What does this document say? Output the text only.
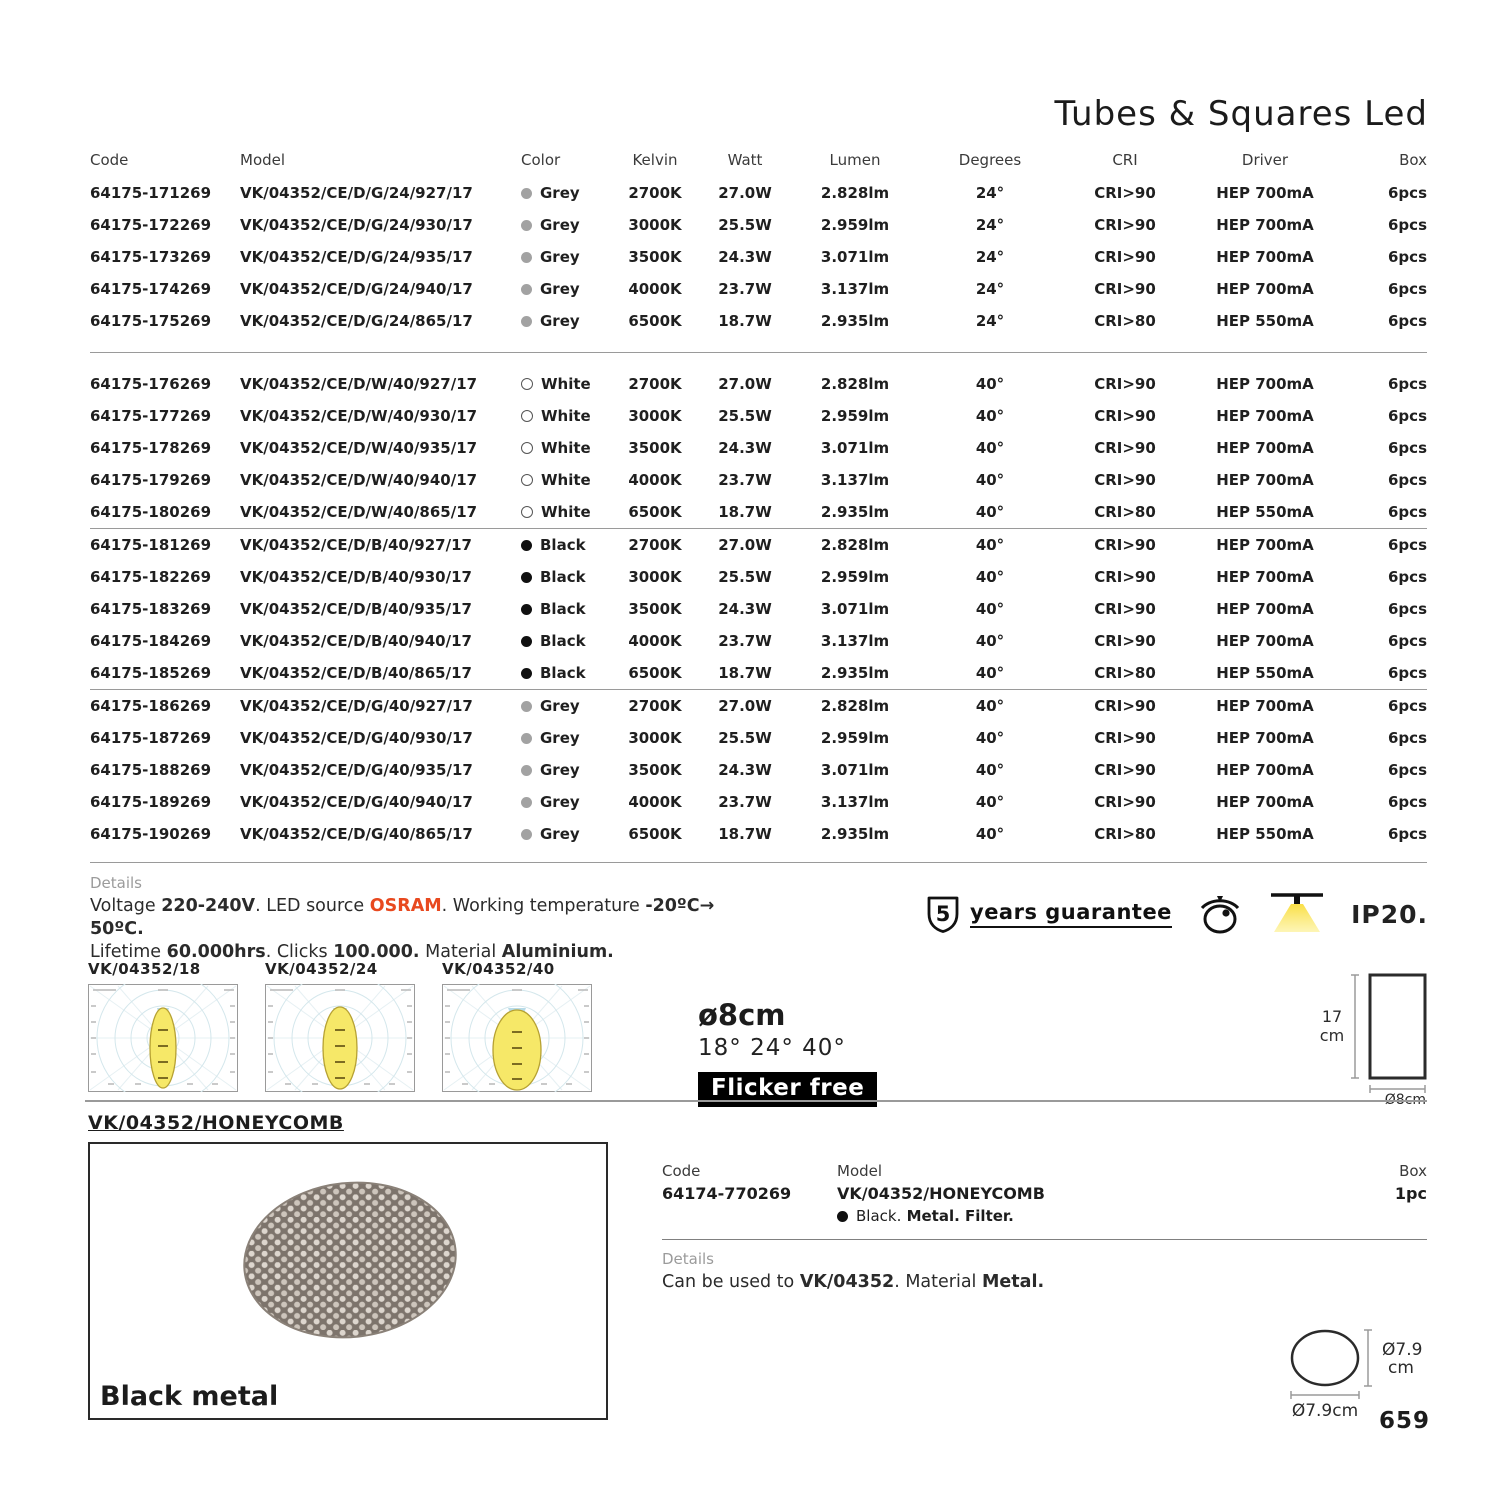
Tubes & Squares Led
Code	Model	Color	Kelvin	Watt	Lumen	Degrees	CRI	Driver	Box
64175-171269	VK/04352/CE/D/G/24/927/17	Grey	2700K	27.0W	2.828lm	24°	CRI>90	HEP 700mA	6pcs
64175-172269	VK/04352/CE/D/G/24/930/17	Grey	3000K	25.5W	2.959lm	24°	CRI>90	HEP 700mA	6pcs
64175-173269	VK/04352/CE/D/G/24/935/17	Grey	3500K	24.3W	3.071lm	24°	CRI>90	HEP 700mA	6pcs
64175-174269	VK/04352/CE/D/G/24/940/17	Grey	4000K	23.7W	3.137lm	24°	CRI>90	HEP 700mA	6pcs
64175-175269	VK/04352/CE/D/G/24/865/17	Grey	6500K	18.7W	2.935lm	24°	CRI>80	HEP 550mA	6pcs
64175-176269	VK/04352/CE/D/W/40/927/17	White	2700K	27.0W	2.828lm	40°	CRI>90	HEP 700mA	6pcs
64175-177269	VK/04352/CE/D/W/40/930/17	White	3000K	25.5W	2.959lm	40°	CRI>90	HEP 700mA	6pcs
64175-178269	VK/04352/CE/D/W/40/935/17	White	3500K	24.3W	3.071lm	40°	CRI>90	HEP 700mA	6pcs
64175-179269	VK/04352/CE/D/W/40/940/17	White	4000K	23.7W	3.137lm	40°	CRI>90	HEP 700mA	6pcs
64175-180269	VK/04352/CE/D/W/40/865/17	White	6500K	18.7W	2.935lm	40°	CRI>80	HEP 550mA	6pcs
64175-181269	VK/04352/CE/D/B/40/927/17	Black	2700K	27.0W	2.828lm	40°	CRI>90	HEP 700mA	6pcs
64175-182269	VK/04352/CE/D/B/40/930/17	Black	3000K	25.5W	2.959lm	40°	CRI>90	HEP 700mA	6pcs
64175-183269	VK/04352/CE/D/B/40/935/17	Black	3500K	24.3W	3.071lm	40°	CRI>90	HEP 700mA	6pcs
64175-184269	VK/04352/CE/D/B/40/940/17	Black	4000K	23.7W	3.137lm	40°	CRI>90	HEP 700mA	6pcs
64175-185269	VK/04352/CE/D/B/40/865/17	Black	6500K	18.7W	2.935lm	40°	CRI>80	HEP 550mA	6pcs
64175-186269	VK/04352/CE/D/G/40/927/17	Grey	2700K	27.0W	2.828lm	40°	CRI>90	HEP 700mA	6pcs
64175-187269	VK/04352/CE/D/G/40/930/17	Grey	3000K	25.5W	2.959lm	40°	CRI>90	HEP 700mA	6pcs
64175-188269	VK/04352/CE/D/G/40/935/17	Grey	3500K	24.3W	3.071lm	40°	CRI>90	HEP 700mA	6pcs
64175-189269	VK/04352/CE/D/G/40/940/17	Grey	4000K	23.7W	3.137lm	40°	CRI>90	HEP 700mA	6pcs
64175-190269	VK/04352/CE/D/G/40/865/17	Grey	6500K	18.7W	2.935lm	40°	CRI>80	HEP 550mA	6pcs
Details
Voltage 220-240V. LED source OSRAM. Working temperature -20ºC→ 50ºC.
Lifetime 60.000hrs. Clicks 100.000. Material Aluminium.
5 years guarantee	IP20.
VK/04352/18	VK/04352/24	VK/04352/40
ø8cm
18° 24° 40°
Flicker free
17
cm
Ø8cm
VK/04352/HONEYCOMB
Black metal
Code
64174-770269
Model
VK/04352/HONEYCOMB
Black. Metal. Filter.
Box
1pc
Details
Can be used to VK/04352. Material Metal.
Ø7.9
cm
Ø7.9cm 659
